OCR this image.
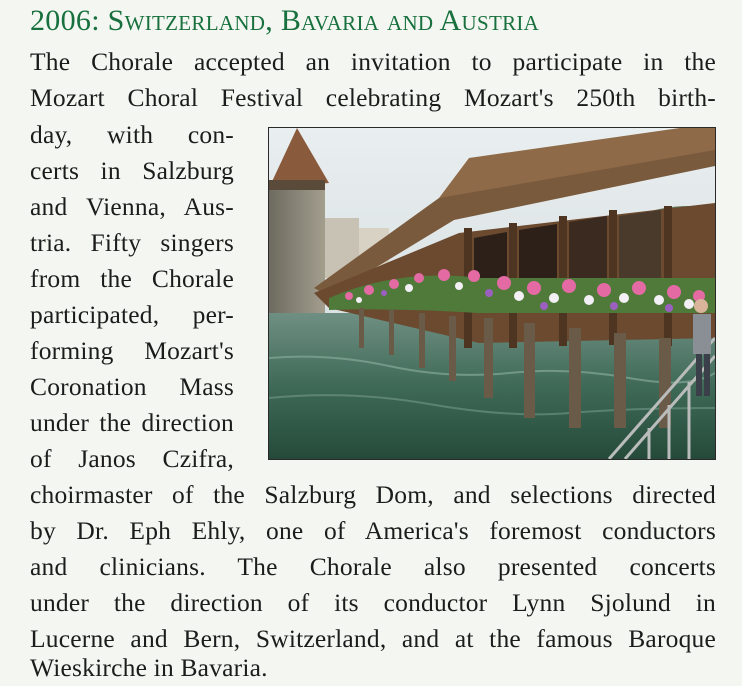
2006: Switzerland, Bavaria and Austria
The Chorale accepted an invitation to participate in the
Mozart Choral Festival celebrating Mozart's 250th birth-
day, with con-
certs in Salzburg
and Vienna, Aus-
tria. Fifty singers
from the Chorale
participated, per-
forming Mozart's
Coronation Mass
under the direction
of Janos Czifra,
choirmaster of the Salzburg Dom, and selections directed
by Dr. Eph Ehly, one of America's foremost conductors
and clinicians. The Chorale also presented concerts
under the direction of its conductor Lynn Sjolund in
Lucerne and Bern, Switzerland, and at the famous Baroque
Wieskirche in Bavaria.
